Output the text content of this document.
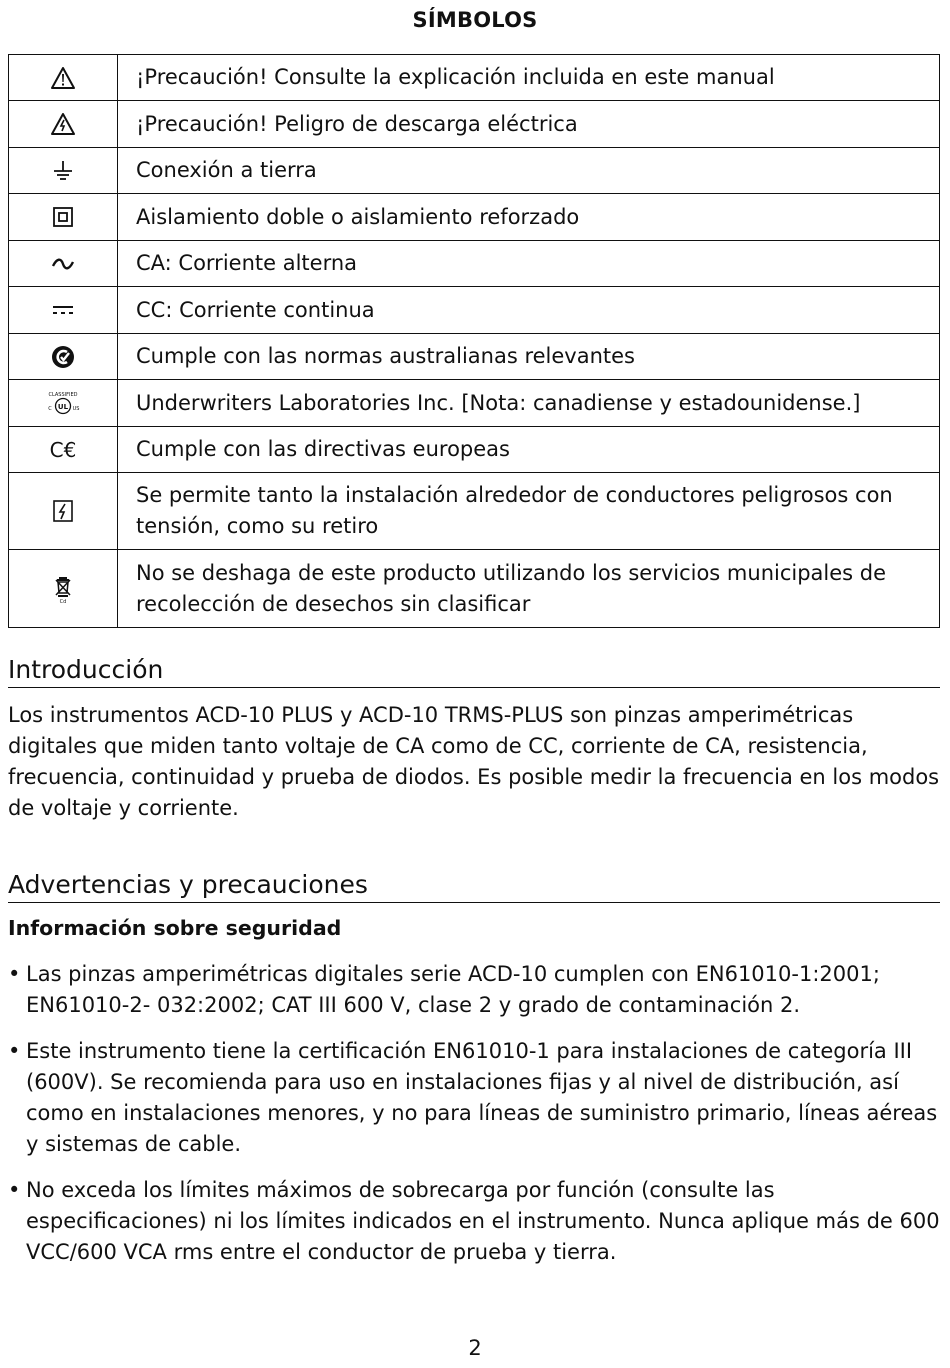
SÍMBOLOS
	¡Precaución! Consulte la explicación incluida en este manual

	¡Precaución! Peligro de descarga eléctrica

	Conexión a tierra

	Aislamiento doble o aislamiento reforzado

	CA: Corriente alterna

	CC: Corriente continua

	Cumple con las normas australianas relevantes

CLASSIFIED
UL
C US	Underwriters Laboratories Inc. [Nota: canadiense y estadounidense.]

C€	Cumple con las directivas europeas

	Se permite tanto la instalación alrededor de conductores peligrosos con tensión, como su retiro

Cd	No se deshaga de este producto utilizando los servicios municipales de recolección de desechos sin clasificar
Introducción
Los instrumentos ACD-10 PLUS y ACD-10 TRMS-PLUS son pinzas amperimétricas digitales que miden tanto voltaje de CA como de CC, corriente de CA, resistencia, frecuencia, continuidad y prueba de diodos. Es posible medir la frecuencia en los modos de voltaje y corriente.
Advertencias y precauciones
Información sobre seguridad
• Las pinzas amperimétricas digitales serie ACD-10 cumplen con EN61010-1:2001; EN61010-2- 032:2002; CAT III 600 V, clase 2 y grado de contaminación 2.
• Este instrumento tiene la certificación EN61010-1 para instalaciones de categoría III (600V). Se recomienda para uso en instalaciones fijas y al nivel de distribución, así como en instalaciones menores, y no para líneas de suministro primario, líneas aéreas y sistemas de cable.
• No exceda los límites máximos de sobrecarga por función (consulte las especificaciones) ni los límites indicados en el instrumento. Nunca aplique más de 600 VCC/600 VCA rms entre el conductor de prueba y tierra.
2
